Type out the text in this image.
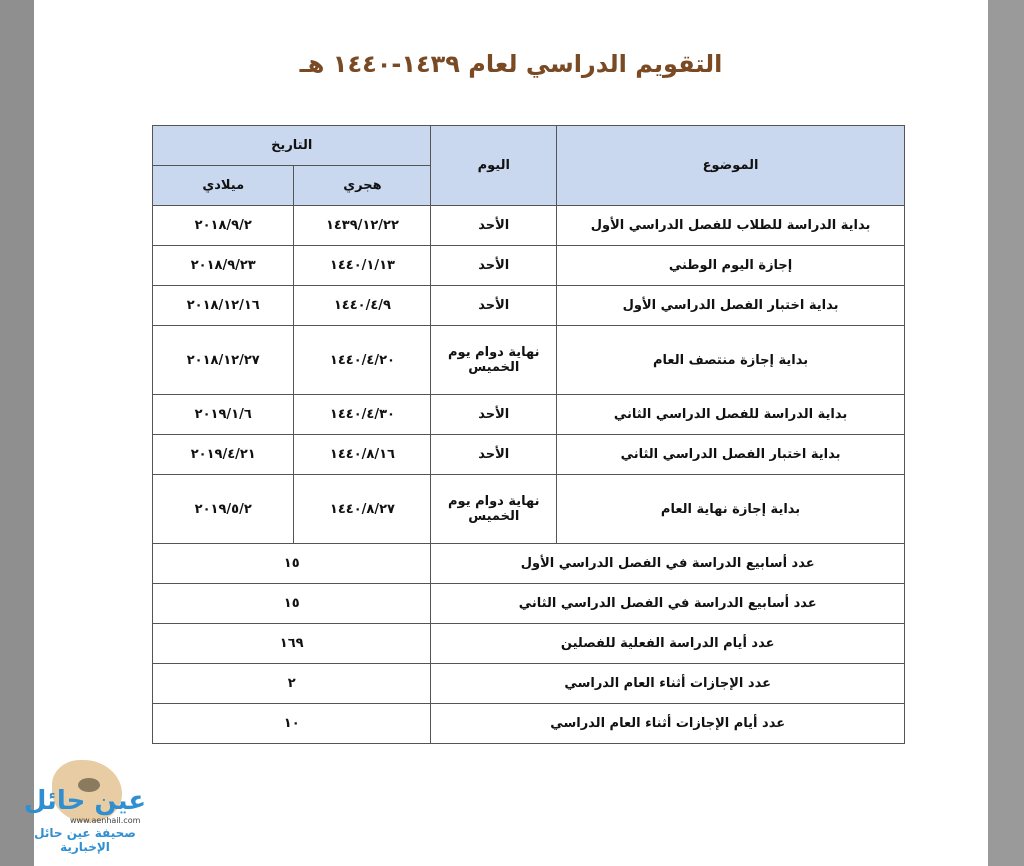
التقويم الدراسي لعام ١٤٣٩-١٤٤٠ هـ
الموضوع	اليوم	التاريخ	
		هجري	ميلادي
بداية الدراسة للطلاب للفصل الدراسي الأول	الأحد	١٤٣٩/١٢/٢٢	٢٠١٨/٩/٢
إجازة اليوم الوطني	الأحد	١٤٤٠/١/١٣	٢٠١٨/٩/٢٣
بداية اختبار الفصل الدراسي الأول	الأحد	١٤٤٠/٤/٩	٢٠١٨/١٢/١٦
بداية إجازة منتصف العام	نهاية دوام يوم الخميس	١٤٤٠/٤/٢٠	٢٠١٨/١٢/٢٧
بداية الدراسة للفصل الدراسي الثاني	الأحد	١٤٤٠/٤/٣٠	٢٠١٩/١/٦
بداية اختبار الفصل الدراسي الثاني	الأحد	١٤٤٠/٨/١٦	٢٠١٩/٤/٢١
بداية إجازة نهاية العام	نهاية دوام يوم الخميس	١٤٤٠/٨/٢٧	٢٠١٩/٥/٢
عدد أسابيع الدراسة في الفصل الدراسي الأول		١٥	
عدد أسابيع الدراسة في الفصل الدراسي الثاني		١٥	
عدد أيام الدراسة الفعلية للفصلين		١٦٩	
عدد الإجازات أثناء العام الدراسي		٢	
عدد أيام الإجازات أثناء العام الدراسي		١٠	
عين حائل
www.aenhail.com
صحيفة عين حائل الإخبارية
